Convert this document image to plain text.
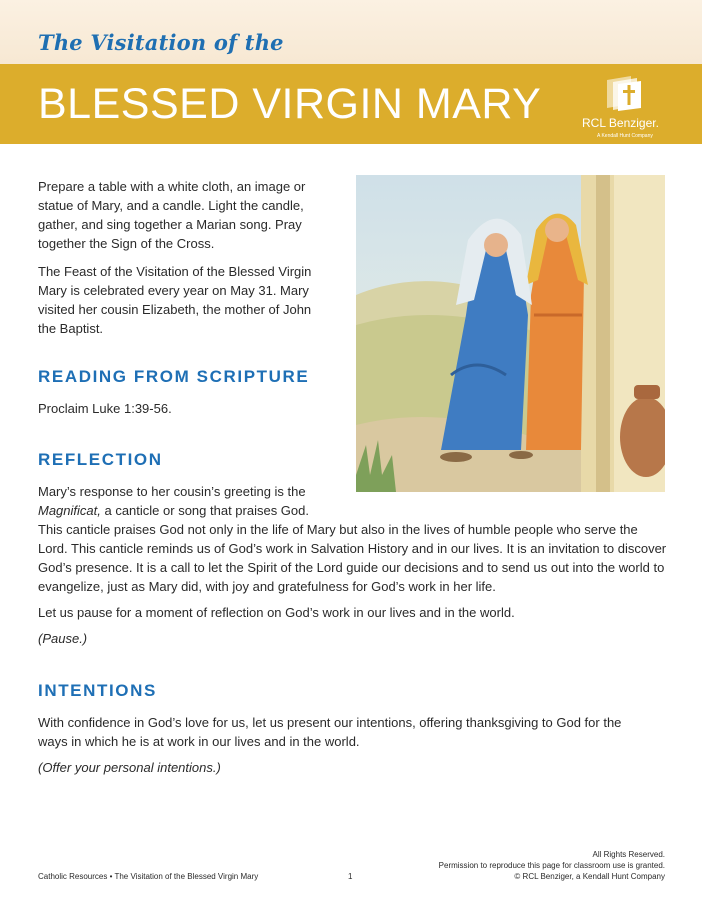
The Visitation of the
BLESSED VIRGIN MARY	RCL Benziger.
A Kendall Hunt Company

Prepare a table with a white cloth, an image or
statue of Mary, and a candle. Light the candle,
gather, and sing together a Marian song. Pray
together the Sign of the Cross.

The Feast of the Visitation of the Blessed Virgin
Mary is celebrated every year on May 31. Mary
visited her cousin Elizabeth, the mother of John
the Baptist.

READING FROM SCRIPTURE

Proclaim Luke 1:39-56.

REFLECTION

Mary’s response to her cousin’s greeting is the
Magnificat, a canticle or song that praises God.
This canticle praises God not only in the life of Mary but also in the lives of humble people who serve the
Lord. This canticle reminds us of God’s work in Salvation History and in our lives. It is an invitation to discover
God’s presence. It is a call to let the Spirit of the Lord guide our decisions and to send us out into the world to
evangelize, just as Mary did, with joy and gratefulness for God’s work in her life.

Let us pause for a moment of reflection on God’s work in our lives and in the world.

(Pause.)

INTENTIONS

With confidence in God’s love for us, let us present our intentions, offering thanksgiving to God for the
ways in which he is at work in our lives and in the world.

(Offer your personal intentions.)

Catholic Resources • The Visitation of the Blessed Virgin Mary	1
All Rights Reserved.
Permission to reproduce this page for classroom use is granted.
© RCL Benziger, a Kendall Hunt Company
